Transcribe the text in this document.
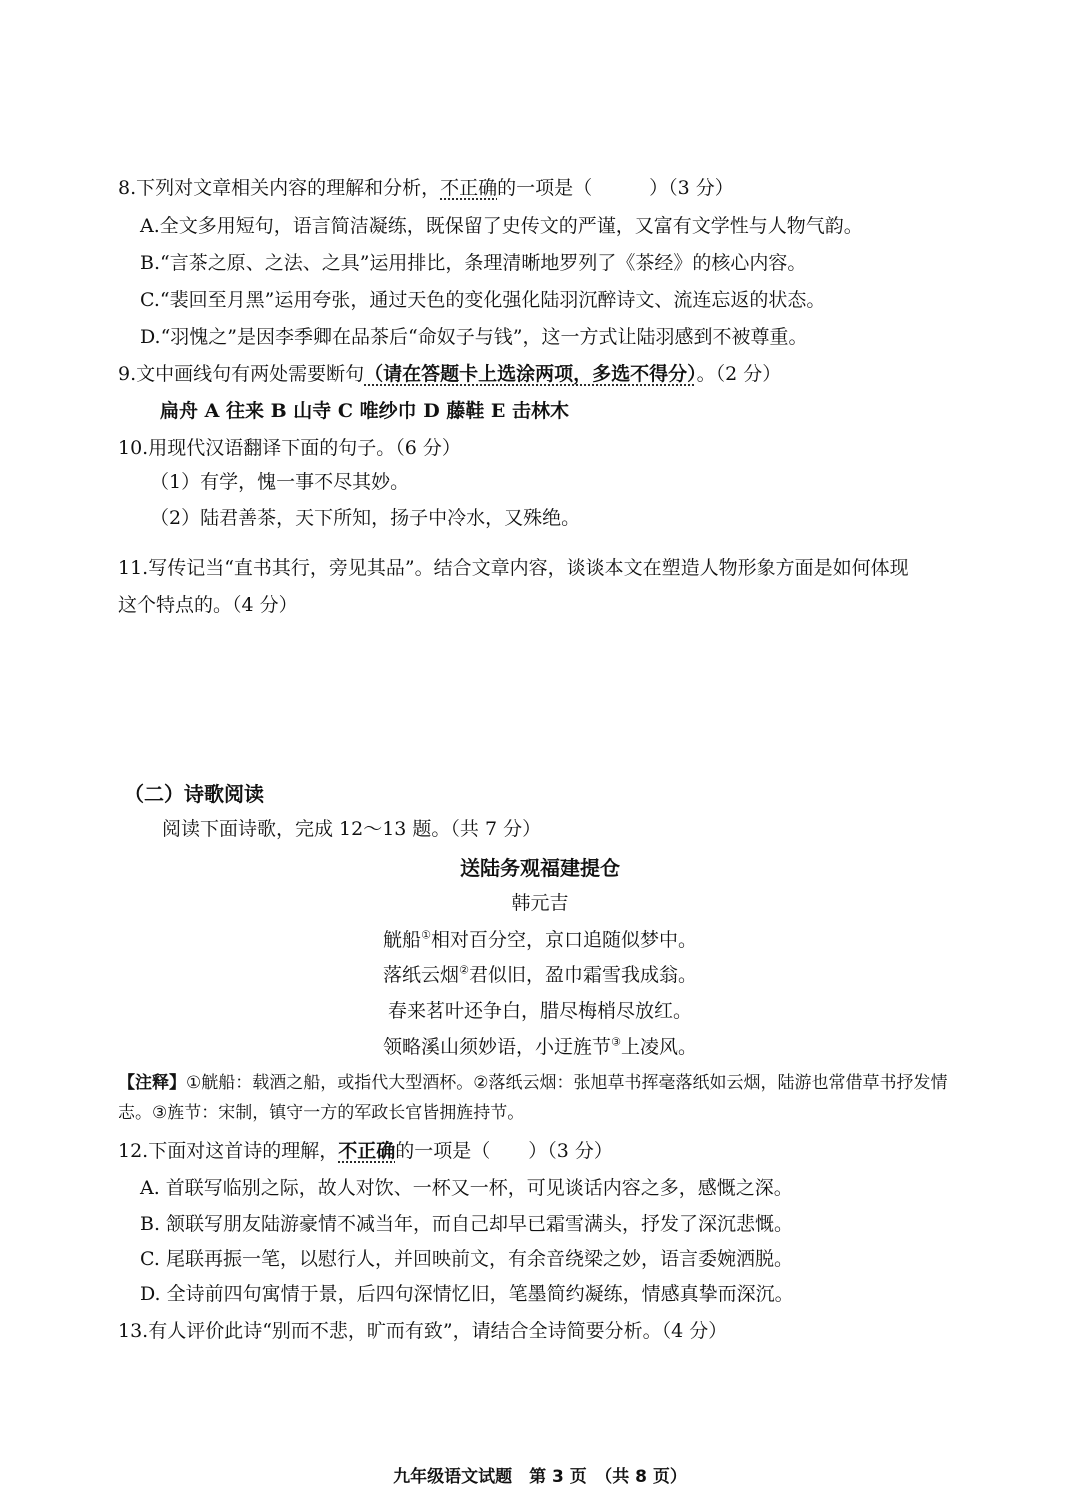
8.下列对文章相关内容的理解和分析，不正确的一项是（　　　）（3 分）
A.全文多用短句，语言简洁凝练，既保留了史传文的严谨，又富有文学性与人物气韵。
B.“言茶之原、之法、之具”运用排比，条理清晰地罗列了《茶经》的核心内容。
C.“裴回至月黑”运用夸张，通过天色的变化强化陆羽沉醉诗文、流连忘返的状态。
D.“羽愧之”是因李季卿在品茶后“命奴子与钱”，这一方式让陆羽感到不被尊重。
9.文中画线句有两处需要断句（请在答题卡上选涂两项，多选不得分）。（2 分）
扁舟 A 往来 B 山寺 C 唯纱巾 D 藤鞋 E 击林木
10.用现代汉语翻译下面的句子。（6 分）
（1）有学，愧一事不尽其妙。
（2）陆君善茶，天下所知，扬子中冷水，又殊绝。
11.写传记当“直书其行，旁见其品”。结合文章内容，谈谈本文在塑造人物形象方面是如何体现
这个特点的。（4 分）
（二）诗歌阅读
阅读下面诗歌，完成 12～13 题。（共 7 分）
送陆务观福建提仓
韩元吉
觥船①相对百分空，京口追随似梦中。
落纸云烟②君似旧，盈巾霜雪我成翁。
春来茗叶还争白，腊尽梅梢尽放红。
领略溪山须妙语，小迂旌节③上凌风。
【注释】①觥船：载酒之船，或指代大型酒杯。②落纸云烟：张旭草书挥毫落纸如云烟，陆游也常借草书抒发情志。③旌节：宋制，镇守一方的军政长官皆拥旌持节。
12.下面对这首诗的理解，不正确的一项是（　　）（3 分）
A. 首联写临别之际，故人对饮、一杯又一杯，可见谈话内容之多，感慨之深。
B. 颔联写朋友陆游豪情不减当年，而自己却早已霜雪满头，抒发了深沉悲慨。
C. 尾联再振一笔，以慰行人，并回映前文，有余音绕梁之妙，语言委婉洒脱。
D. 全诗前四句寓情于景，后四句深情忆旧，笔墨简约凝练，情感真挚而深沉。
13.有人评价此诗“别而不悲，旷而有致”，请结合全诗简要分析。（4 分）
九年级语文试题　第 3 页　（共 8 页）
